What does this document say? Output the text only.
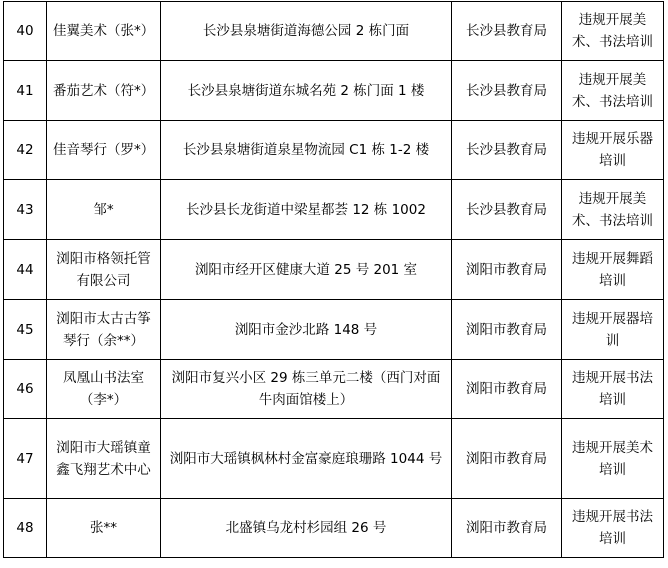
40	佳翼美术（张*）	长沙县泉塘街道海德公园 2 栋门面	长沙县教育局	违规开展美术、书法培训
41	番茄艺术（符*）	长沙县泉塘街道东城名苑 2 栋门面 1 楼	长沙县教育局	违规开展美术、书法培训
42	佳音琴行（罗*）	长沙县泉塘街道泉星物流园 C1 栋 1-2 楼	长沙县教育局	违规开展乐器培训
43	邹*	长沙县长龙街道中梁星都荟 12 栋 1002	长沙县教育局	违规开展美术、书法培训
44	浏阳市格领托管有限公司	浏阳市经开区健康大道 25 号 201 室	浏阳市教育局	违规开展舞蹈培训
45	浏阳市太古古筝琴行（余**）	浏阳市金沙北路 148 号	浏阳市教育局	违规开展器培训
46	凤凰山书法室（李*）	浏阳市复兴小区 29 栋三单元二楼（西门对面牛肉面馆楼上）	浏阳市教育局	违规开展书法培训
47	浏阳市大瑶镇童鑫飞翔艺术中心	浏阳市大瑶镇枫林村金富豪庭琅珊路 1044 号	浏阳市教育局	违规开展美术培训
48	张**	北盛镇乌龙村杉园组 26 号	浏阳市教育局	违规开展书法培训
